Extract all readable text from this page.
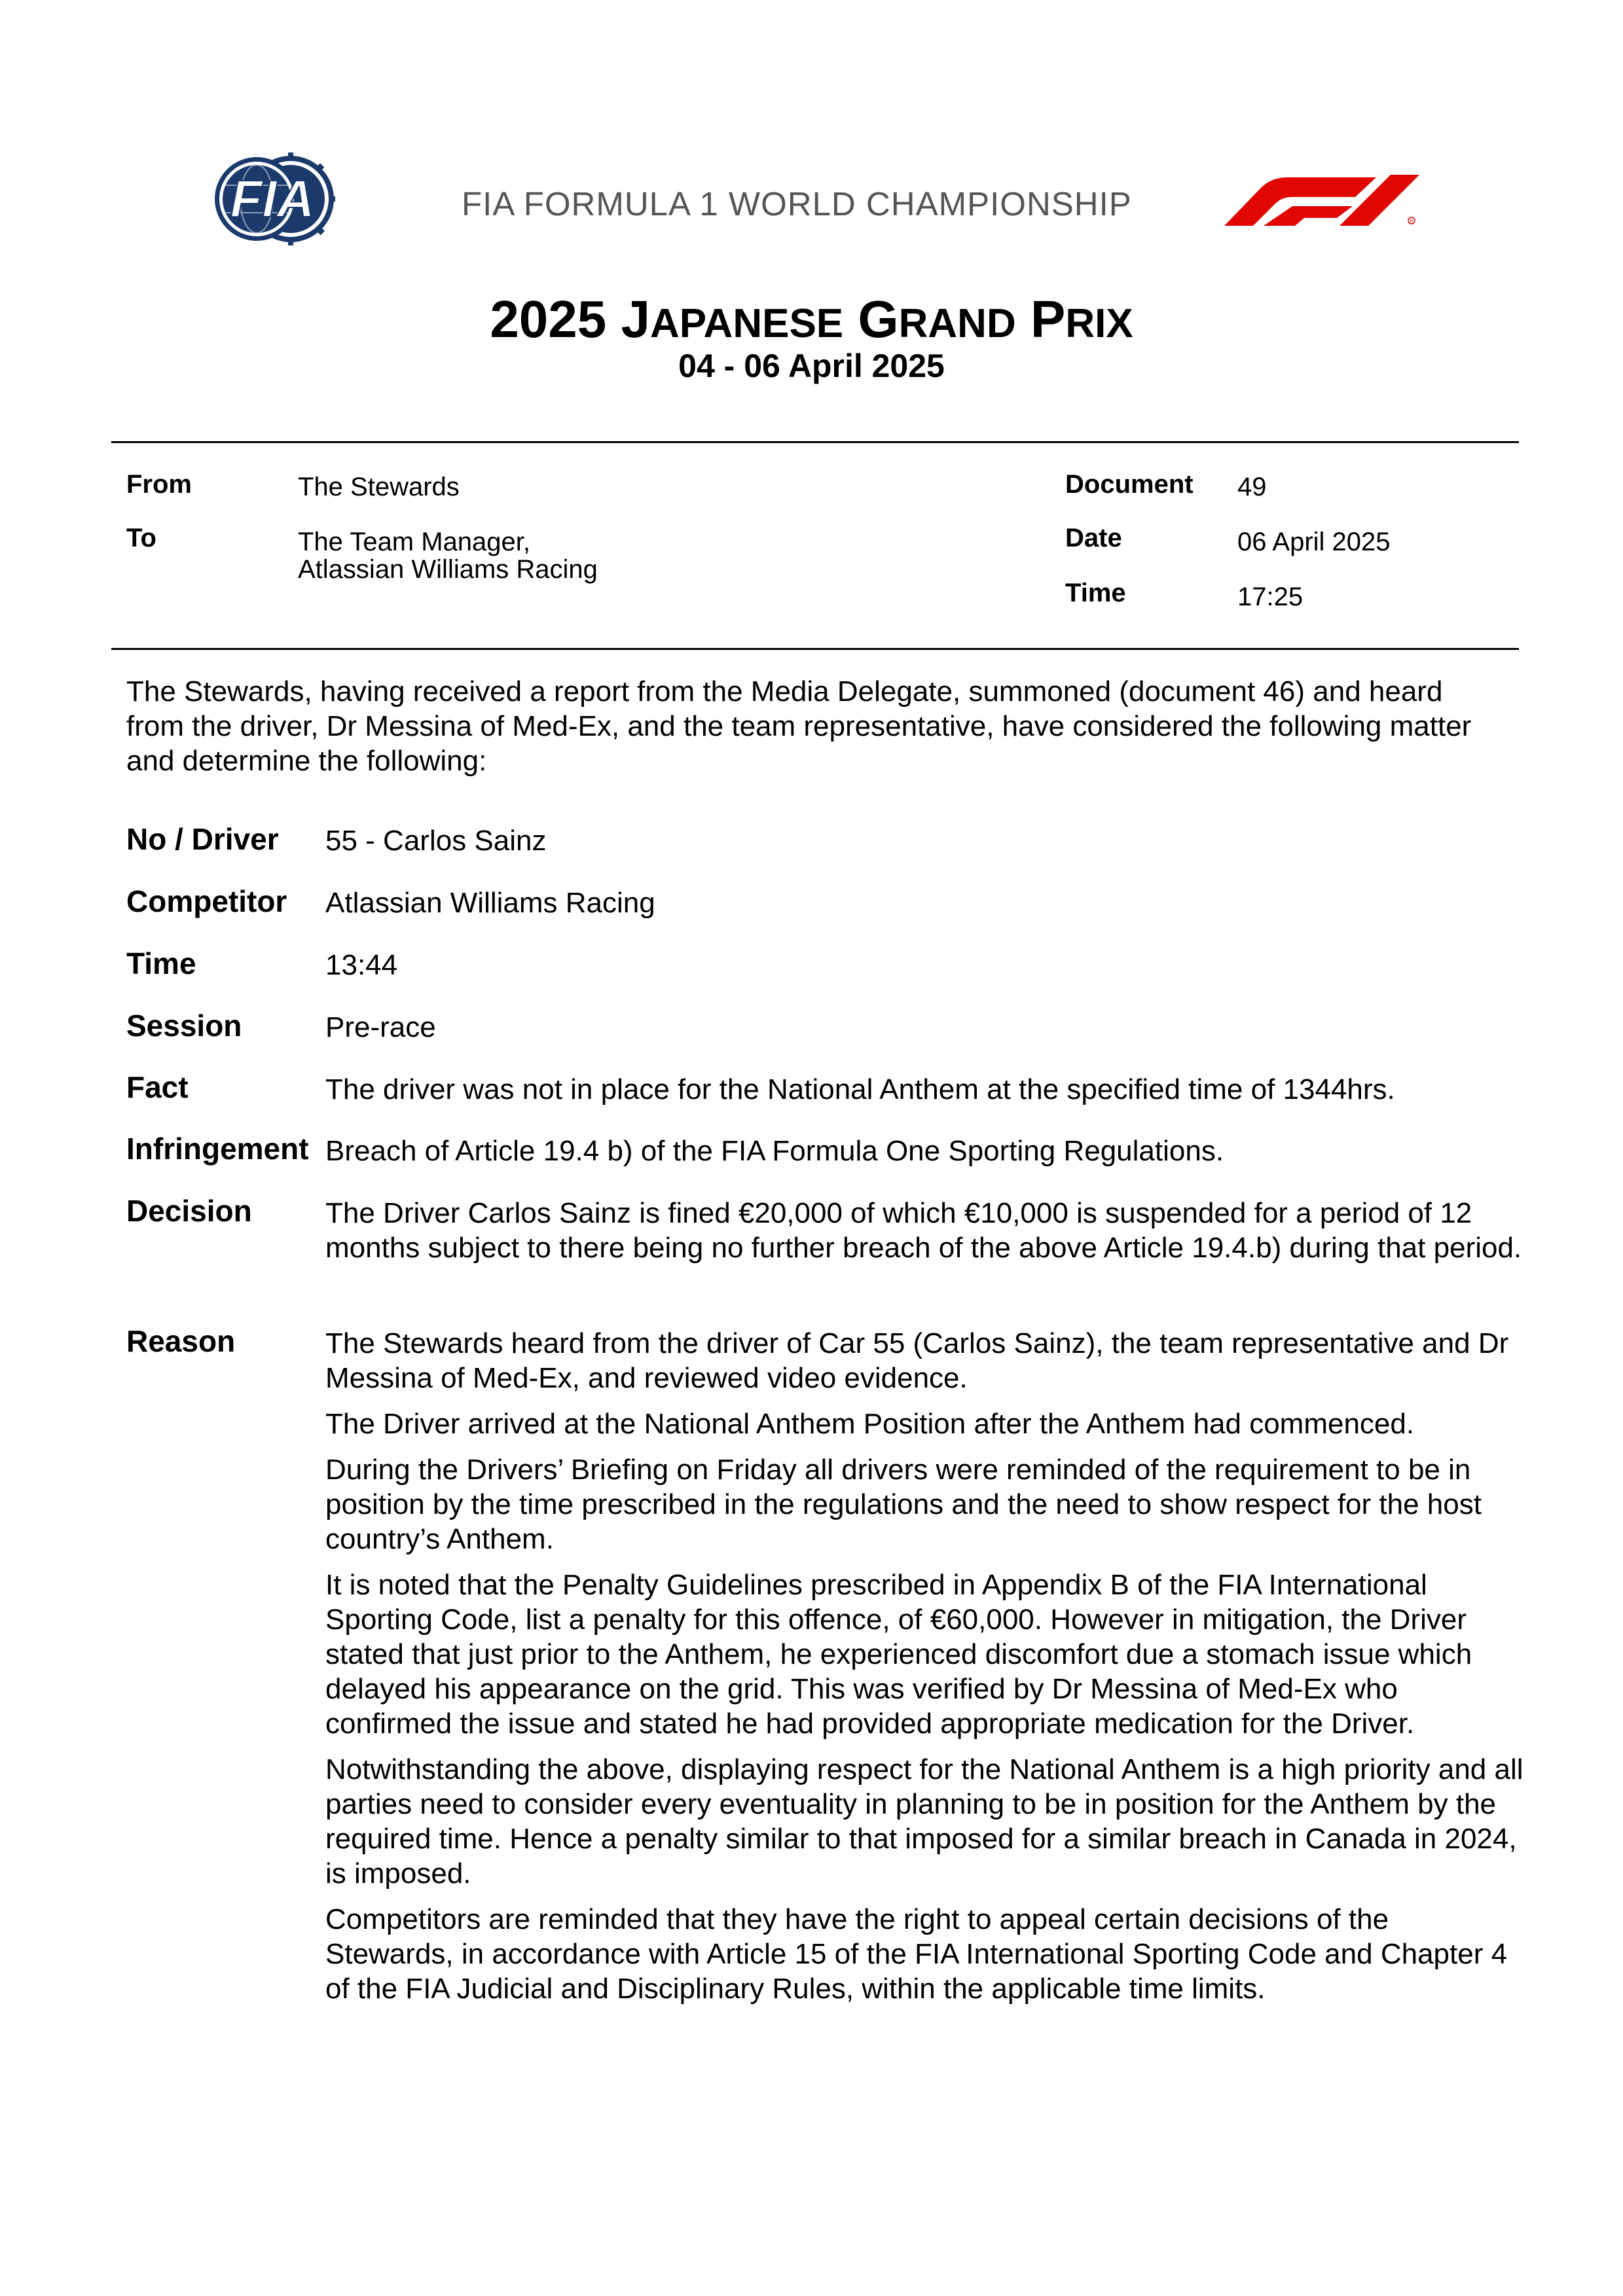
FIA	FIA FORMULA 1 WORLD CHAMPIONSHIP	R
2025 JAPANESE GRAND PRIX
04 - 06 April 2025
From	The Stewards
To	The Team Manager,
Atlassian Williams Racing
Document 49
Date	06 April 2025
Time	17:25
The Stewards, having received a report from the Media Delegate, summoned (document 46) and heard from the driver, Dr Messina of Med-Ex, and the team representative, have considered the following matter and determine the following:
No / Driver 55 - Carlos Sainz
Competitor Atlassian Williams Racing
Time	13:44
Session	Pre-race
Fact	The driver was not in place for the National Anthem at the specified time of 1344hrs.
Infringement Breach of Article 19.4 b) of the FIA Formula One Sporting Regulations.
Decision	The Driver Carlos Sainz is fined €20,000 of which €10,000 is suspended for a period of 12 months subject to there being no further breach of the above Article 19.4.b) during that period.
Reason	The Stewards heard from the driver of Car 55 (Carlos Sainz), the team representative and Dr Messina of Med-Ex, and reviewed video evidence.

The Driver arrived at the National Anthem Position after the Anthem had commenced.

During the Drivers’ Briefing on Friday all drivers were reminded of the requirement to be in position by the time prescribed in the regulations and the need to show respect for the host country’s Anthem.

It is noted that the Penalty Guidelines prescribed in Appendix B of the FIA International Sporting Code, list a penalty for this offence, of €60,000. However in mitigation, the Driver stated that just prior to the Anthem, he experienced discomfort due a stomach issue which delayed his appearance on the grid. This was verified by Dr Messina of Med-Ex who confirmed the issue and stated he had provided appropriate medication for the Driver.

Notwithstanding the above, displaying respect for the National Anthem is a high priority and all parties need to consider every eventuality in planning to be in position for the Anthem by the required time. Hence a penalty similar to that imposed for a similar breach in Canada in 2024, is imposed.

Competitors are reminded that they have the right to appeal certain decisions of the Stewards, in accordance with Article 15 of the FIA International Sporting Code and Chapter 4 of the FIA Judicial and Disciplinary Rules, within the applicable time limits.
